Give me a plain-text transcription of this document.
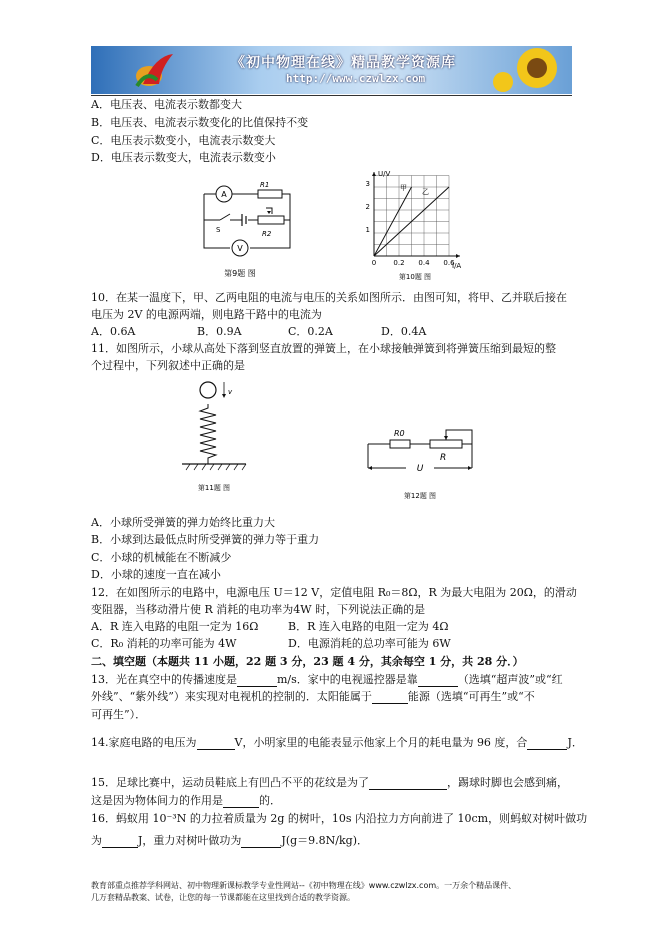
《初中物理在线》精品教学资源库
http://www.czwlzx.com
A．电压表、电流表示数都变大
B．电压表、电流表示数变化的比值保持不变
C．电压表示数变小，电流表示数变大
D．电压表示数变大，电流表示数变小
A
V
S
R1
R2
第9题 图
U/V
I/A
1
2
3
0 0.2 0.4 0.6
甲 乙
第10题 图
10．在某一温度下，甲、乙两电阻的电流与电压的关系如图所示．由图可知，将甲、乙并联后接在
电压为 2V 的电源两端，则电路干路中的电流为
A．0.6A	B．0.9A	C．0.2A	D．0.4A
11．如图所示，小球从高处下落到竖直放置的弹簧上，在小球接触弹簧到将弹簧压缩到最短的整
个过程中，下列叙述中正确的是
v
第11题 图
R0
R
U
第12题 图
A．小球所受弹簧的弹力始终比重力大
B．小球到达最低点时所受弹簧的弹力等于重力
C．小球的机械能在不断减少
D．小球的速度一直在减小
12．在如图所示的电路中，电源电压 U＝12 V，定值电阻 R₀＝8Ω，R 为最大电阻为 20Ω，的滑动
变阻器，当移动滑片使 R 消耗的电功率为4W 时，下列说法正确的是
A．R 连入电路的电阻一定为 16Ω	B．R 连入电路的电阻一定为 4Ω
C．R₀ 消耗的功率可能为 4W	D．电源消耗的总功率可能为 6W
二、填空题（本题共 11 小题，22 题 3 分，23 题 4 分，其余每空 1 分，共 28 分．）
13．光在真空中的传播速度是	m/s．家中的电视遥控器是靠	（选填“超声波”或“红
外线”、“紫外线”）来实现对电视机的控制的．太阳能属于	能源（选填“可再生”或“不
可再生”）．
14.家庭电路的电压为	V，小明家里的电能表显示他家上个月的耗电量为 96 度，合	J．
15．足球比赛中，运动员鞋底上有凹凸不平的花纹是为了	，踢球时脚也会感到痛，
这是因为物体间力的作用是	的．
16．蚂蚁用 10⁻³N 的力拉着质量为 2g 的树叶，10s 内沿拉力方向前进了 10cm，则蚂蚁对树叶做功
为	J，重力对树叶做功为	J(g＝9.8N/kg)．
教育部重点推荐学科网站、初中物理新课标教学专业性网站--《初中物理在线》www.czwlzx.com。一万余个精品课件、
几万套精品教案、试卷，让您的每一节课都能在这里找到合适的教学资源。
